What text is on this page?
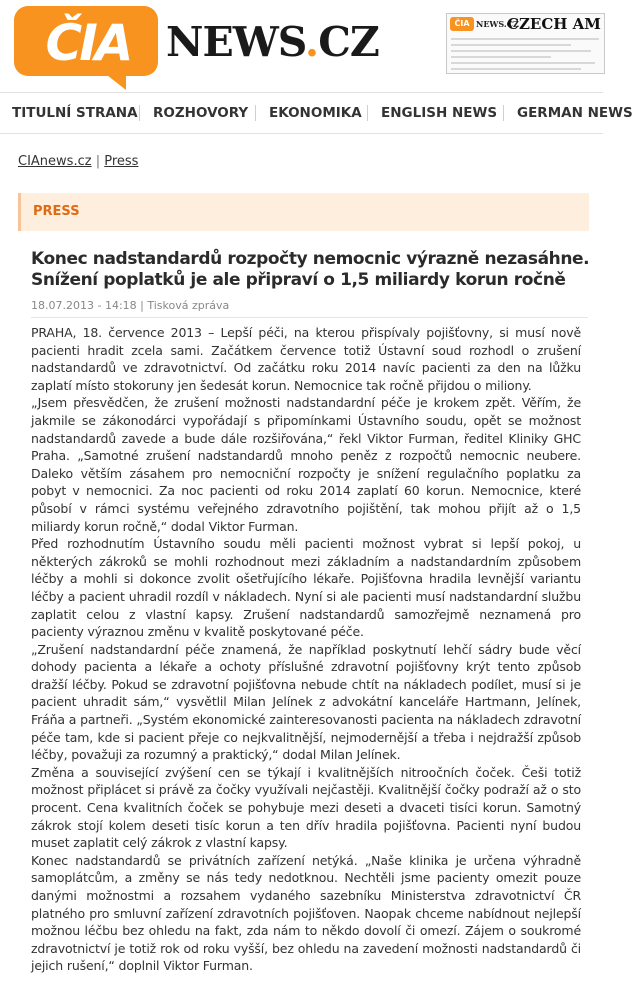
ČIA NEWS.CZ	ČIA NEWS.CZ
CZECH AM
TITULNÍ STRANA ROZHOVORY EKONOMIKA ENGLISH NEWS GERMAN NEWS
CIAnews.cz | Press
PRESS
Konec nadstandardů rozpočty nemocnic výrazně nezasáhne. Snížení poplatků je ale připraví o 1,5 miliardy korun ročně
18.07.2013 - 14:18 | Tisková zpráva

PRAHA, 18. července 2013 – Lepší péči, na kterou přispívaly pojišťovny, si musí nově pacienti hradit zcela sami. Začátkem července totiž Ústavní soud rozhodl o zrušení nadstandardů ve zdravotnictví. Od začátku roku 2014 navíc pacienti za den na lůžku zaplatí místo stokoruny jen šedesát korun. Nemocnice tak ročně přijdou o miliony.

„Jsem přesvědčen, že zrušení možnosti nadstandardní péče je krokem zpět. Věřím, že jakmile se zákonodárci vypořádají s připomínkami Ústavního soudu, opět se možnost nadstandardů zavede a bude dále rozšiřována,“ řekl Viktor Furman, ředitel Kliniky GHC Praha. „Samotné zrušení nadstandardů mnoho peněz z rozpočtů nemocnic neubere. Daleko větším zásahem pro nemocniční rozpočty je snížení regulačního poplatku za pobyt v nemocnici. Za noc pacienti od roku 2014 zaplatí 60 korun. Nemocnice, které působí v rámci systému veřejného zdravotního pojištění, tak mohou přijít až o 1,5 miliardy korun ročně,“ dodal Viktor Furman.

Před rozhodnutím Ústavního soudu měli pacienti možnost vybrat si lepší pokoj, u některých zákroků se mohli rozhodnout mezi základním a nadstandardním způsobem léčby a mohli si dokonce zvolit ošetřujícího lékaře. Pojišťovna hradila levnější variantu léčby a pacient uhradil rozdíl v nákladech. Nyní si ale pacienti musí nadstandardní službu zaplatit celou z vlastní kapsy. Zrušení nadstandardů samozřejmě neznamená pro pacienty výraznou změnu v kvalitě poskytované péče.

„Zrušení nadstandardní péče znamená, že například poskytnutí lehčí sádry bude věcí dohody pacienta a lékaře a ochoty příslušné zdravotní pojišťovny krýt tento způsob dražší léčby. Pokud se zdravotní pojišťovna nebude chtít na nákladech podílet, musí si je pacient uhradit sám,“ vysvětlil Milan Jelínek z advokátní kanceláře Hartmann, Jelínek, Fráňa a partneři. „Systém ekonomické zainteresovanosti pacienta na nákladech zdravotní péče tam, kde si pacient přeje co nejkvalitnější, nejmodernější a třeba i nejdražší způsob léčby, považuji za rozumný a praktický,“ dodal Milan Jelínek.

Změna a související zvýšení cen se týkají i kvalitnějších nitroočních čoček. Češi totiž možnost připlácet si právě za čočky využívali nejčastěji. Kvalitnější čočky podraží až o sto procent. Cena kvalitních čoček se pohybuje mezi deseti a dvaceti tisíci korun. Samotný zákrok stojí kolem deseti tisíc korun a ten dřív hradila pojišťovna. Pacienti nyní budou muset zaplatit celý zákrok z vlastní kapsy.

Konec nadstandardů se privátních zařízení netýká. „Naše klinika je určena výhradně samoplátcům, a změny se nás tedy nedotknou. Nechtěli jsme pacienty omezit pouze danými možnostmi a rozsahem vydaného sazebníku Ministerstva zdravotnictví ČR platného pro smluvní zařízení zdravotních pojišťoven. Naopak chceme nabídnout nejlepší možnou léčbu bez ohledu na fakt, zda nám to někdo dovolí či omezí. Zájem o soukromé zdravotnictví je totiž rok od roku vyšší, bez ohledu na zavedení možnosti nadstandardů či jejich rušení,“ doplnil Viktor Furman.
